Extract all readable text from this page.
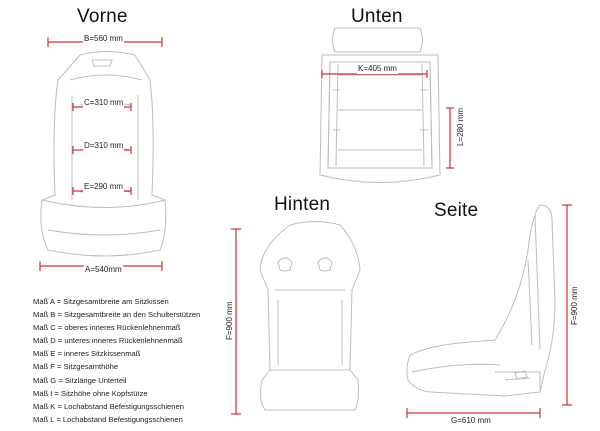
Vorne	Unten
Hinten	Seite
B=560 mm
C=310 mm
D=310 mm
E=290 mm
A=540mm
K=405 mm
L=280 mm
F=900 mm	F=900 mm
G=610 mm
Maß A = Sitzgesamtbreite am Sitzkissen
Maß B = Sitzgesamtbreite an den Schulterstützen
Maß C = oberes inneres Rückenlehnenmaß
Maß D = unteres inneres Rückenlehnenmaß
Maß E = inneres Sitzkissenmaß
Maß F = Sitzgesamthöhe
Maß G = Sitzlänge Unterteil
Maß I = Sitzhöhe ohne Kopfstütze
Maß K = Lochabstand Befestigungsschienen
Maß L = Lochabstand Befestigungsschienen
